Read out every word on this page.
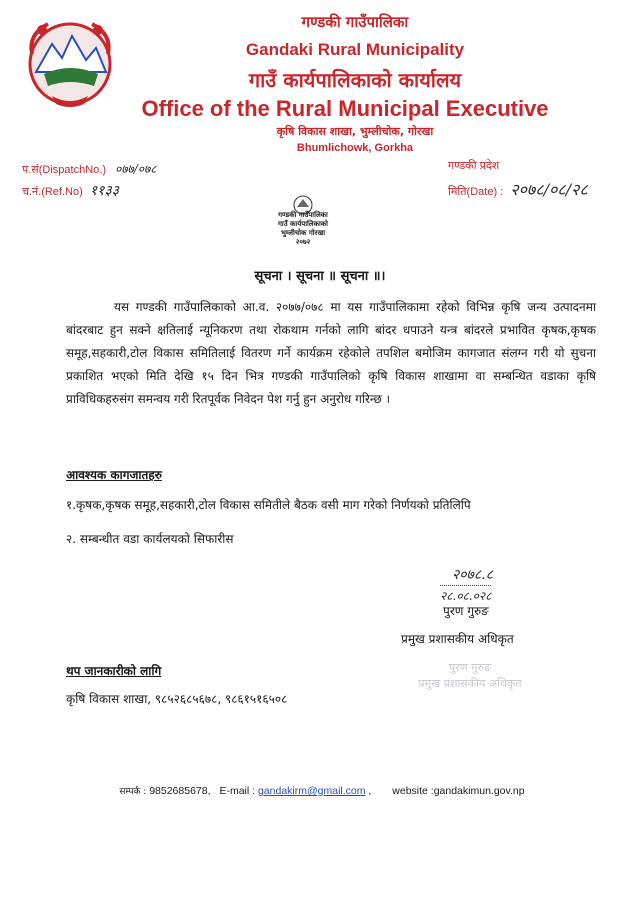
गण्डकी गाउँपालिका
Gandaki Rural Municipality
गाउँ कार्यपालिकाको कार्यालय
Office of the Rural Municipal Executive
कृषि विकास शाखा, भुम्लीचोक, गोरखा
Bhumlichowk, Gorkha
प.सं(DispatchNo.) ०७७/०७८
च.नं.(Ref.No) ११३३
गण्डकी प्रदेश
मिति(Date) : २०७८/०८/२८
गण्डकी गाउँपालिका
गाउँ कार्यपालिकाको
भुम्लीचोक गोरखा
२०७२
सूचना । सूचना ॥ सूचना ॥।
यस गण्डकी गाउँपालिकाको आ.व. २०७७/०७८ मा यस गाउँपालिकामा रहेको विभिन्न कृषि जन्य उत्पादनमा बांदरबाट हुन सक्ने क्षतिलाई न्यूनिकरण तथा रोकथाम गर्नको लागि बांदर धपाउने यन्त्र बांदरले प्रभावित कृषक,कृषक समूह,सहकारी,टोल विकास समितिलाई वितरण गर्ने कार्यक्रम रहेकोले तपशिल बमोजिम कागजात संलग्न गरी यो सुचना प्रकाशित भएको मिति देखि १५ दिन भित्र गण्डकी गाउँपालिको कृषि विकास शाखामा वा सम्बन्धित वडाका कृषि प्राविधिकहरुसंग समन्वय गरी रितपूर्वक निवेदन पेश गर्नु हुन अनुरोध गरिन्छ ।
आवश्यक कागजातहरु
१.कृषक,कृषक समूह,सहकारी,टोल विकास समितीले बैठक वसी माग गरेको निर्णयको प्रतिलिपि
२. सम्बन्धीत वडा कार्यलयको सिफारीस
२०७८.८
२८.०८.०२८
पुरण गुरुङ
प्रमुख प्रशासकीय अधिकृत
पुरण गुरुङ
प्रमुख प्रशासकीय अधिकृत
थप जानकारीको लागि
कृषि विकास शाखा, ९८५२६८५६७८, ९८६१५१६५०८
सम्पर्क : 9852685678, E-mail : gandakirm@gmail.com , website :gandakimun.gov.np
